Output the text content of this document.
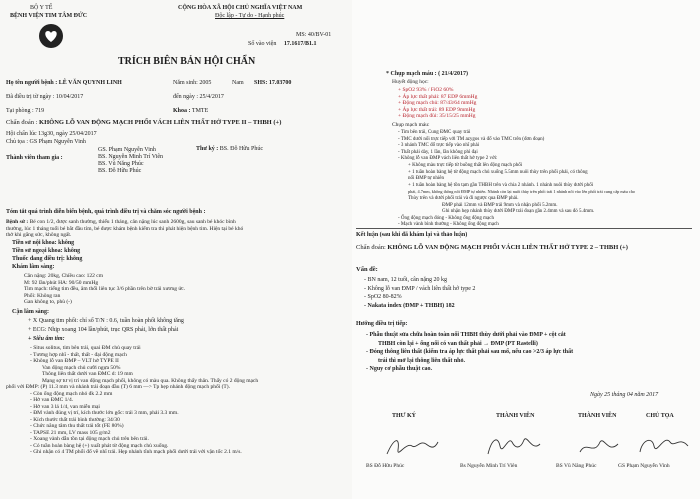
BỘ Y TẾ
BỆNH VIỆN TIM TÂM ĐỨC
CỘNG HÒA XÃ HỘI CHỦ NGHĨA VIỆT NAM
Độc lập - Tự do - Hạnh phúc
MS: 40/BV-01
Số vào viện 17.1617/B1.1
TRÍCH BIÊN BẢN HỘI CHẨN
Họ tên người bệnh : LÊ VĂN QUYNH LINH	Năm sinh: 2005	Nam SHS: 17.03700
Đã điều trị từ ngày : 10/04/2017	đến ngày : 25/4/2017
Tại phòng : 719	Khoa : TMTE
Chẩn đoán : KHÔNG LỖ VAN ĐỘNG MẠCH PHỔI VÁCH LIÊN THẤT HỞ TYPE II – THBH (+)
Hội chẩn lúc 13g30, ngày 25/04/2017
Chủ tọa : GS Phạm Nguyễn Vinh
Thư ký : BS. Đỗ Hữu Phúc
Thành viên tham gia :
GS. Phạm Nguyễn Vinh
BS. Nguyễn Minh Trí Viên
BS. Vũ Năng Phúc
BS. Đỗ Hữu Phúc
Tóm tắt quá trình diễn biến bệnh, quá trình điều trị và chăm sóc người bệnh :
Bệnh sử : Bé con 1/2, được sanh thường, thiếu 1 tháng, cân nặng lúc sanh 2600g, sau sanh bé khóc bình
thường, lúc 1 tháng tuổi bé bắt đầu tím, bé được khám bệnh kiểm tra thì phát hiện bệnh tim. Hiện tại bé khó
thở khi gắng sức, không ngất.
Tiền sử nội khoa: không
Tiền sử ngoại khoa: không
Thuốc đang điều trị: không
Khám lâm sàng:
Cân nặng: 20kg, Chiều cao: 122 cm
M: 92 lần/phút HA: 90/50 mmHg
Tim mạch: tiếng tim đều, âm thổi liên tục 3/6 phần trên bờ trái xương ức.
Phổi: Không ran
Gan không to, phù (-)
Cận lâm sàng:
+ X Quang tim phổi: chỉ số T/N : 0.6, tuần hoàn phổi không tăng
+ ECG: Nhịp xoang 104 lần/phút, trục QRS phải, lớn thất phải
+ Siêu âm tim:
- Situs solitus, tim bên trái, quai ĐM chủ quay trái
- Tương hợp nhĩ - thất, thất - đại động mạch
- Không lỗ van ĐMP – VLT hở TYPE II
Van động mạch chủ cưỡi ngựa 50%
Thông liên thất dưới van ĐMC d: 19 mm
Mạng sợ tư vị trí van động mạch phổi, không có màu qua. Không thấy thân. Thấy có 2 động mạch
phổi với ĐMP: (P) 11.3 mm và nhánh trái đoạn đầu (T) 6 mm —> Tp hẹp nhánh động mạch phổi (T).
- Còn ống động mạch nhỏ đk 2.2 mm
- Hở van ĐMC 1/4.
- Hở van 3 lá 1/4, van miễn mại
- ĐM vành đúng vị trí, kích thước lớn gốc: trái 3 mm, phải 3.3 mm.
- Kích thước thất trái bình thường: 34/30
- Chức năng tâm thu thất trái tốt (FE 80%)
- TAPSE 21 mm, LV mass 105 g/m2
- Xoang vành dẫn tồn tại động mạch chủ trên bên trái.
- Có tuần hoàn bàng hệ (+) xuất phát từ động mạch chủ xuống.
- Ghi nhận có 4 TM phổi đổ về nhĩ trái. Hẹp nhánh tĩnh mạch phổi dưới trái với vận tốc 2.1 m/s.
* Chụp mạch máu : ( 21/4/2017)
Huyết động học:
+ SpO2 93% / FiO2 60%
+ Áp lực thất phải: 87 EDP 6mmHg
+ Động mạch chủ: 87/43/64 mmHg
+ Áp lực thất trái: 89 EDP 9mmHg
+ Động mạch đùi: 35/15/25 mmHg
Chụp mạch máu:
- Tim bên trái, Cung ĐMC quay trái
- TMC dưới nối trực tiếp với TM azygos và đổ vào TMC trên (đơn đoạn)
- 3 nhánh TMC đổ trực tiếp vào nhĩ phải
- Thất phải dày, 1 lần, lần không phì đại
- Không lỗ van ĐMP vách liên thất hở type 2 với:
+ Không màu trực tiếp từ buồng thất lên động mạch phổi
+ 1 tuần hoàn bàng hệ từ động mạch chủ xuống 5.5mm nuôi thùy trên phổi phải, có thông
nối ĐMP tự nhiên
+ 1 tuần hoàn bàng hệ tồn tạm gần THBH trên và chia 2 nhánh. 1 nhánh nuôi thùy dưới phổi
phải, 4.7mm, không thông nối ĐMP tự nhiên. Nhánh còn lại nuôi thùy trên phổi trái 1 nhánh nối vào lên phổi trái cung cấp máu cho
Thùy trên và dưới phổi trái và đi ngược qua ĐMP phải.
ĐMP phải 12mm và ĐMP trái 9mm và nhận phổi 5.2mm.
Ghi nhận hẹp nhánh thùy dưới ĐMP trái đoạn gần 2.4mm và sau đó 5.4mm.
- Ống động mạch đóng - Không ống động mạch
- Mạch vành bình thường - Không ống động mạch
Kết luận (sau khi đã khám lại và thảo luận)
Chẩn đoán: KHÔNG LỖ VAN ĐỘNG MẠCH PHỔI VÁCH LIÊN THẤT HỞ TYPE 2 – THBH (+)
Vấn đề:
- BN nam, 12 tuổi, cân nặng 20 kg
- Không lỗ van ĐMP / vách liên thất hở type 2
- SpO2 80-82%
- Nakata index (ĐMP + THBH) 182
Hướng điều trị tiếp:
- Phẫu thuật sửa chữa hoàn toàn nối THBH thùy dưới phải vào ĐMP + cột cắt
THBH còn lại + ống nối có van thất phải → ĐMP (PT Rastelli)
- Đóng thông liên thất (kiểm tra áp lực thất phải sau mổ, nếu cao >2/3 áp lực thất
trái thì mở lại thông liên thất nhỏ.
- Nguy cơ phẫu thuật cao.
Ngày 25 tháng 04 năm 2017
THƯ KÝ	THÀNH VIÊN	THÀNH VIÊN	CHỦ TỌA
BS Đỗ Hữu Phúc	Bs Nguyễn Minh Trí Viên	BS Vũ Năng Phúc	GS Phạm Nguyễn Vinh
